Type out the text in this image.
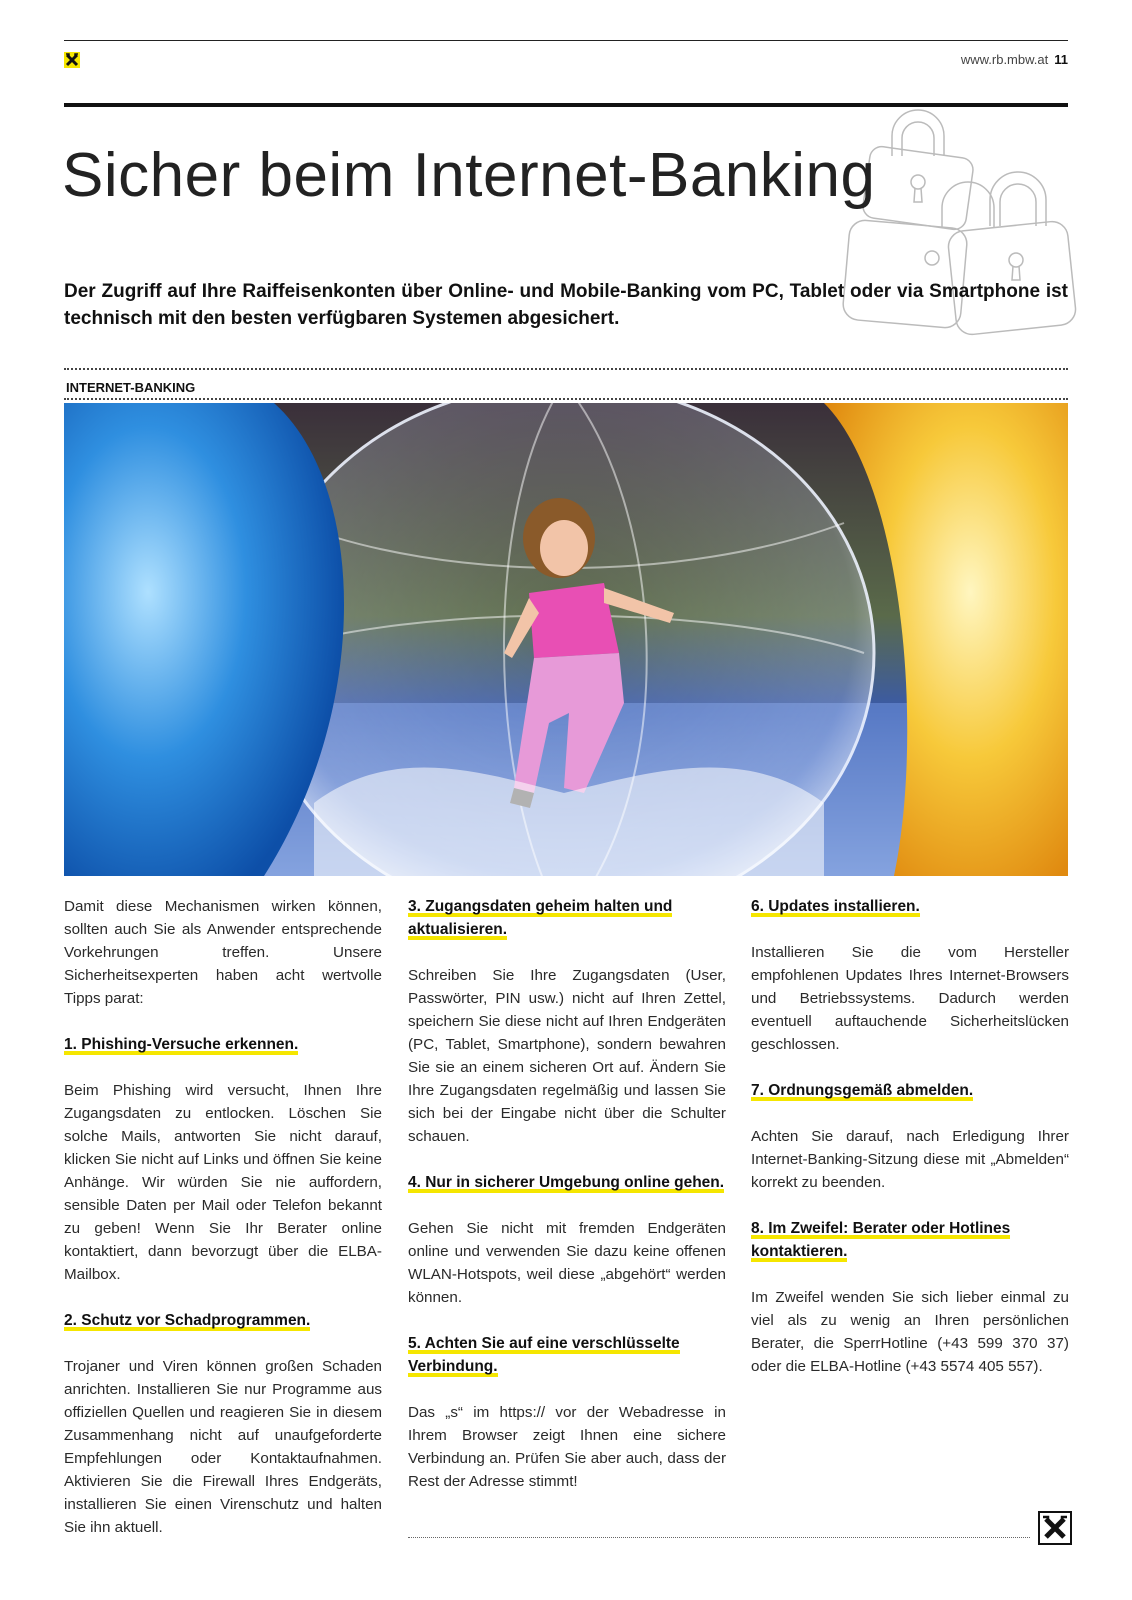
www.rb.mbw.at 11
Sicher beim Internet-Banking
Der Zugriff auf Ihre Raiffeisenkonten über Online- und Mobile-Banking vom PC, Tablet oder via Smartphone ist technisch mit den besten verfügbaren Systemen abgesichert.
INTERNET-BANKING

Damit diese Mechanismen wirken können, sollten auch Sie als Anwender entsprechende Vorkehrungen treffen. Unsere Sicherheitsexperten haben acht wertvolle Tipps parat:

1. Phishing-Versuche erkennen.

Beim Phishing wird versucht, Ihnen Ihre Zugangsdaten zu entlocken. Löschen Sie solche Mails, antworten Sie nicht darauf, klicken Sie nicht auf Links und öffnen Sie keine Anhänge. Wir würden Sie nie auffordern, sensible Daten per Mail oder Telefon bekannt zu geben! Wenn Sie Ihr Berater online kontaktiert, dann bevorzugt über die ELBA-Mailbox.

2. Schutz vor Schadprogrammen.

Trojaner und Viren können großen Schaden anrichten. Installieren Sie nur Programme aus offiziellen Quellen und reagieren Sie in diesem Zusammenhang nicht auf unaufgeforderte Empfehlungen oder Kontaktaufnahmen. Aktivieren Sie die Firewall Ihres Endgeräts, installieren Sie einen Virenschutz und halten Sie ihn aktuell.

3. Zugangsdaten geheim halten und aktualisieren.

Schreiben Sie Ihre Zugangsdaten (User, Passwörter, PIN usw.) nicht auf Ihren Zettel, speichern Sie diese nicht auf Ihren Endgeräten (PC, Tablet, Smartphone), sondern bewahren Sie sie an einem sicheren Ort auf. Ändern Sie Ihre Zugangsdaten regelmäßig und lassen Sie sich bei der Eingabe nicht über die Schulter schauen.

4. Nur in sicherer Umgebung online gehen.

Gehen Sie nicht mit fremden Endgeräten online und verwenden Sie dazu keine offenen WLAN-Hotspots, weil diese „abgehört“ werden können.

5. Achten Sie auf eine verschlüsselte Verbindung.

Das „s“ im https:// vor der Webadresse in Ihrem Browser zeigt Ihnen eine sichere Verbindung an. Prüfen Sie aber auch, dass der Rest der Adresse stimmt!

6. Updates installieren.

Installieren Sie die vom Hersteller empfohlenen Updates Ihres Internet-Browsers und Betriebssystems. Dadurch werden eventuell auftauchende Sicherheitslücken geschlossen.

7. Ordnungsgemäß abmelden.

Achten Sie darauf, nach Erledigung Ihrer Internet-Banking-Sitzung diese mit „Abmelden“ korrekt zu beenden.

8. Im Zweifel: Berater oder Hotlines kontaktieren.

Im Zweifel wenden Sie sich lieber einmal zu viel als zu wenig an Ihren persönlichen Berater, die SperrHotline (+43 599 370 37) oder die ELBA-Hotline (+43 5574 405 557).
